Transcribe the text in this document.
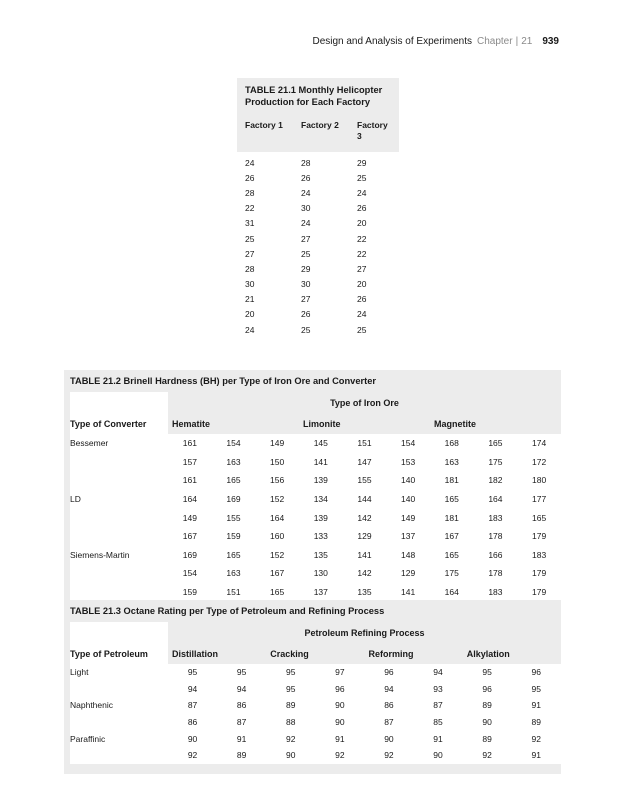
Design and Analysis of Experiments Chapter | 21 939
TABLE 21.1 Monthly Helicopter
Production for Each Factory
Factory 1	Factory 2	Factory
3
24	28	29
26	26	25
28	24	24
22	30	26
31	24	20
25	27	22
27	25	22
28	29	27
30	30	20
21	27	26
20	26	24
24	25	25
TABLE 21.2 Brinell Hardness (BH) per Type of Iron Ore and Converter
Type of Iron Ore
Type of Converter	Hematite	Limonite	Magnetite
Bessemer	161	154	149	145	151	154	168	165	174
157	163	150	141	147	153	163	175	172
161	165	156	139	155	140	181	182	180
LD	164	169	152	134	144	140	165	164	177
149	155	164	139	142	149	181	183	165
167	159	160	133	129	137	167	178	179
Siemens-Martin	169	165	152	135	141	148	165	166	183
154	163	167	130	142	129	175	178	179
159	151	165	137	135	141	164	183	179
TABLE 21.3 Octane Rating per Type of Petroleum and Refining Process
Petroleum Refining Process
Type of Petroleum	Distillation	Cracking	Reforming	Alkylation
Light	95	95	95	97	96	94	95	96
94	94	95	96	94	93	96	95
Naphthenic	87	86	89	90	86	87	89	91
86	87	88	90	87	85	90	89
Paraffinic	90	91	92	91	90	91	89	92
92	89	90	92	92	90	92	91
